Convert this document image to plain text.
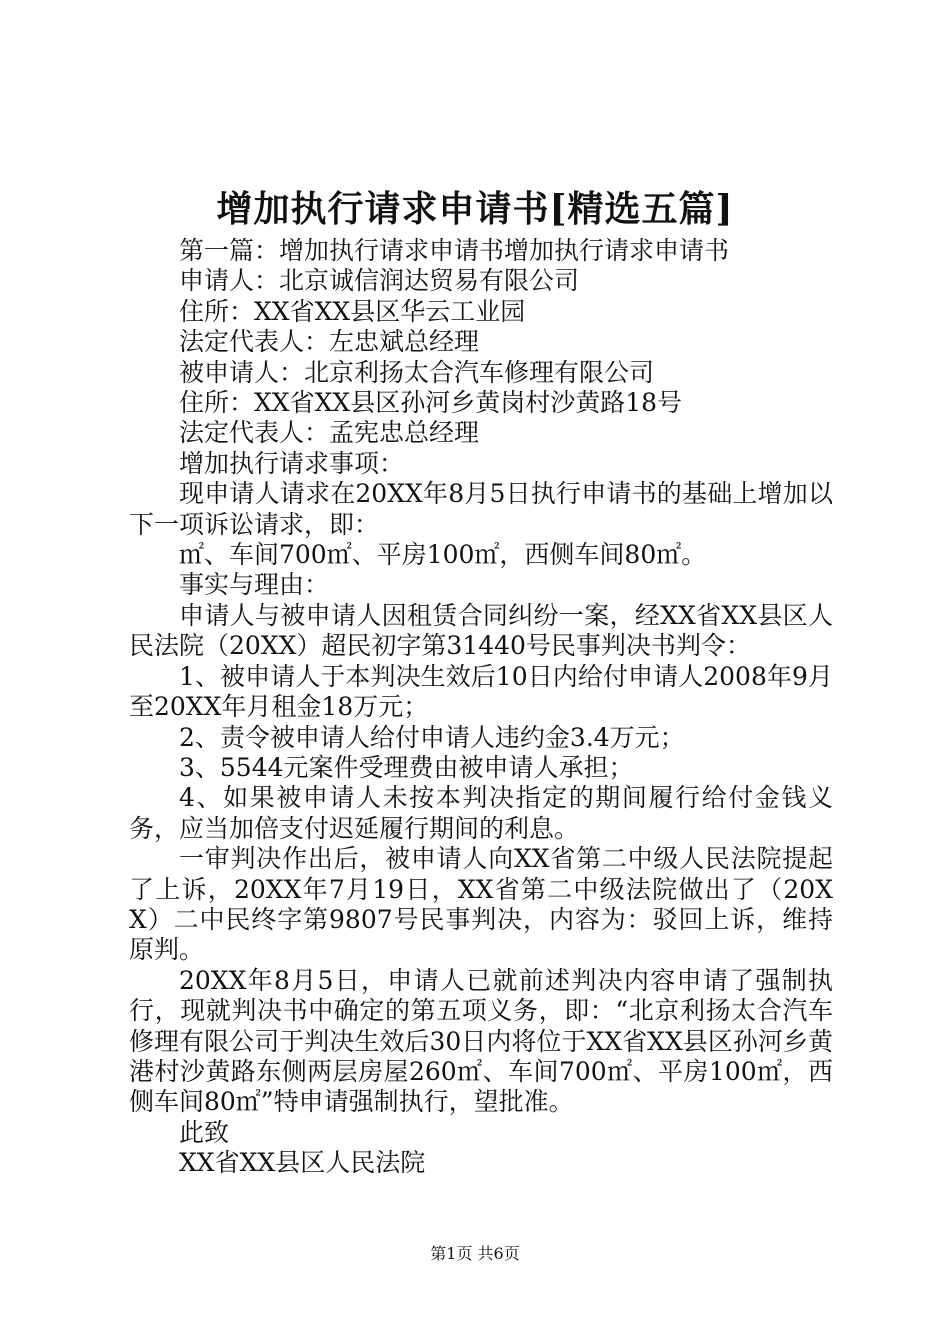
增加执行请求申请书[精选五篇]

第一篇：增加执行请求申请书增加执行请求申请书

申请人：北京诚信润达贸易有限公司

住所：XX省XX县区华云工业园

法定代表人：左忠斌总经理

被申请人：北京利扬太合汽车修理有限公司

住所：XX省XX县区孙河乡黄岗村沙黄路18号

法定代表人：孟宪忠总经理

增加执行请求事项：

现申请人请求在20XX年8月5日执行申请书的基础上增加以下一项诉讼请求，即：

㎡、车间700㎡、平房100㎡，西侧车间80㎡。

事实与理由：

申请人与被申请人因租赁合同纠纷一案，经XX省XX县区人民法院（20XX）超民初字第31440号民事判决书判令：

1、被申请人于本判决生效后10日内给付申请人2008年9月至20XX年月租金18万元；

2、责令被申请人给付申请人违约金3.4万元；

3、5544元案件受理费由被申请人承担；

4、如果被申请人未按本判决指定的期间履行给付金钱义务，应当加倍支付迟延履行期间的利息。

一审判决作出后，被申请人向XX省第二中级人民法院提起了上诉，20XX年7月19日，XX省第二中级法院做出了（20XX）二中民终字第9807号民事判决，内容为：驳回上诉，维持原判。

20XX年8月5日，申请人已就前述判决内容申请了强制执行，现就判决书中确定的第五项义务，即：“北京利扬太合汽车修理有限公司于判决生效后30日内将位于XX省XX县区孙河乡黄港村沙黄路东侧两层房屋260㎡、车间700㎡、平房100㎡，西侧车间80㎡”特申请强制执行，望批准。

此致

XX省XX县区人民法院

第1页 共6页
